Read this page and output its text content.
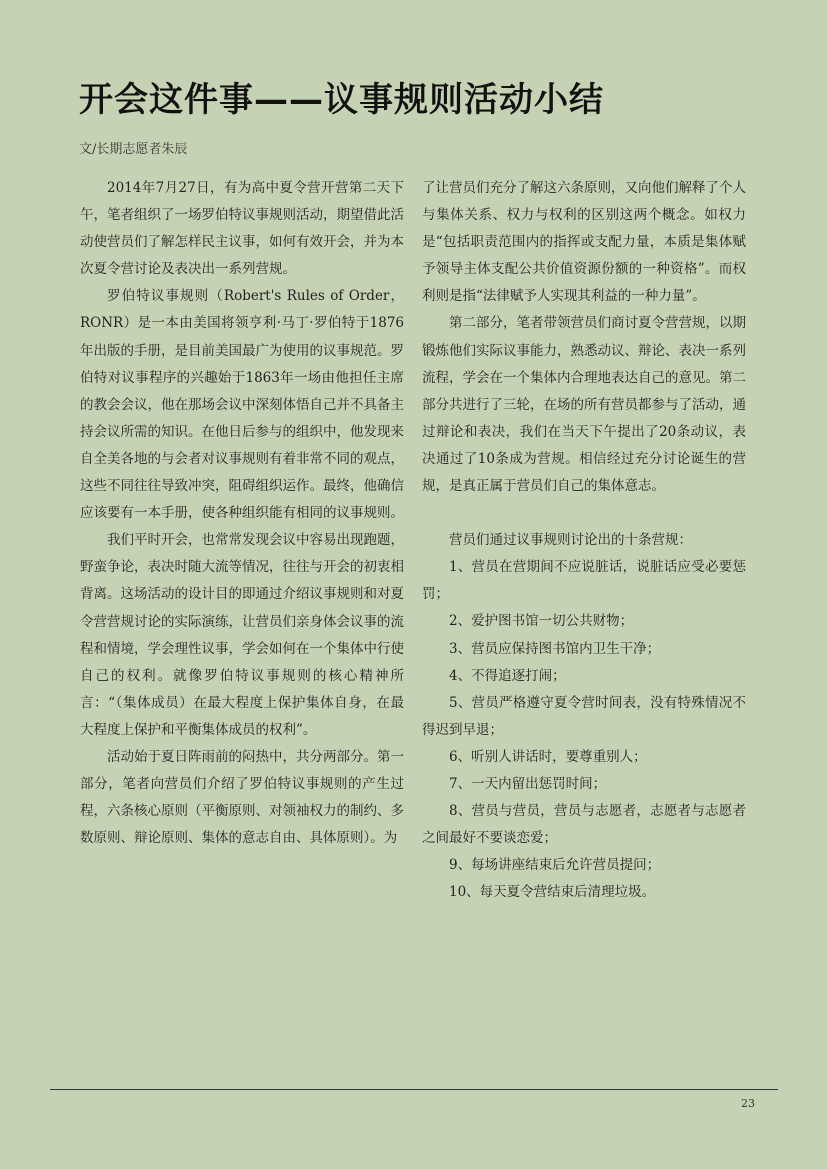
开会这件事——议事规则活动小结
文/长期志愿者朱辰

2014年7月27日，有为高中夏令营开营第二天下午，笔者组织了一场罗伯特议事规则活动，期望借此活动使营员们了解怎样民主议事，如何有效开会，并为本次夏令营讨论及表决出一系列营规。

罗伯特议事规则（Robert's Rules of Order，RONR）是一本由美国将领亨利·马丁·罗伯特于1876年出版的手册，是目前美国最广为使用的议事规范。罗伯特对议事程序的兴趣始于1863年一场由他担任主席的教会会议，他在那场会议中深刻体悟自己并不具备主持会议所需的知识。在他日后参与的组织中，他发现来自全美各地的与会者对议事规则有着非常不同的观点，这些不同往往导致冲突，阻碍组织运作。最终，他确信应该要有一本手册，使各种组织能有相同的议事规则。

我们平时开会，也常常发现会议中容易出现跑题，野蛮争论，表决时随大流等情况，往往与开会的初衷相背离。这场活动的设计目的即通过介绍议事规则和对夏令营营规讨论的实际演练，让营员们亲身体会议事的流程和情境，学会理性议事，学会如何在一个集体中行使自己的权利。就像罗伯特议事规则的核心精神所言：“（集体成员）在最大程度上保护集体自身，在最大程度上保护和平衡集体成员的权利”。

活动始于夏日阵雨前的闷热中，共分两部分。第一部分，笔者向营员们介绍了罗伯特议事规则的产生过程，六条核心原则（平衡原则、对领袖权力的制约、多数原则、辩论原则、集体的意志自由、具体原则）。为

了让营员们充分了解这六条原则，又向他们解释了个人与集体关系、权力与权利的区别这两个概念。如权力是“包括职责范围内的指挥或支配力量，本质是集体赋予领导主体支配公共价值资源份额的一种资格”。而权利则是指“法律赋予人实现其利益的一种力量”。

第二部分，笔者带领营员们商讨夏令营营规，以期锻炼他们实际议事能力，熟悉动议、辩论、表决一系列流程，学会在一个集体内合理地表达自己的意见。第二部分共进行了三轮，在场的所有营员都参与了活动，通过辩论和表决，我们在当天下午提出了20条动议，表决通过了10条成为营规。相信经过充分讨论诞生的营规，是真正属于营员们自己的集体意志。

营员们通过议事规则讨论出的十条营规：

1、营员在营期间不应说脏话，说脏话应受必要惩罚；

2、爱护图书馆一切公共财物；

3、营员应保持图书馆内卫生干净；

4、不得追逐打闹；

5、营员严格遵守夏令营时间表，没有特殊情况不得迟到早退；

6、听别人讲话时，要尊重别人；

7、一天内留出惩罚时间；

8、营员与营员，营员与志愿者，志愿者与志愿者之间最好不要谈恋爱；

9、每场讲座结束后允许营员提问；

10、每天夏令营结束后清理垃圾。

23
